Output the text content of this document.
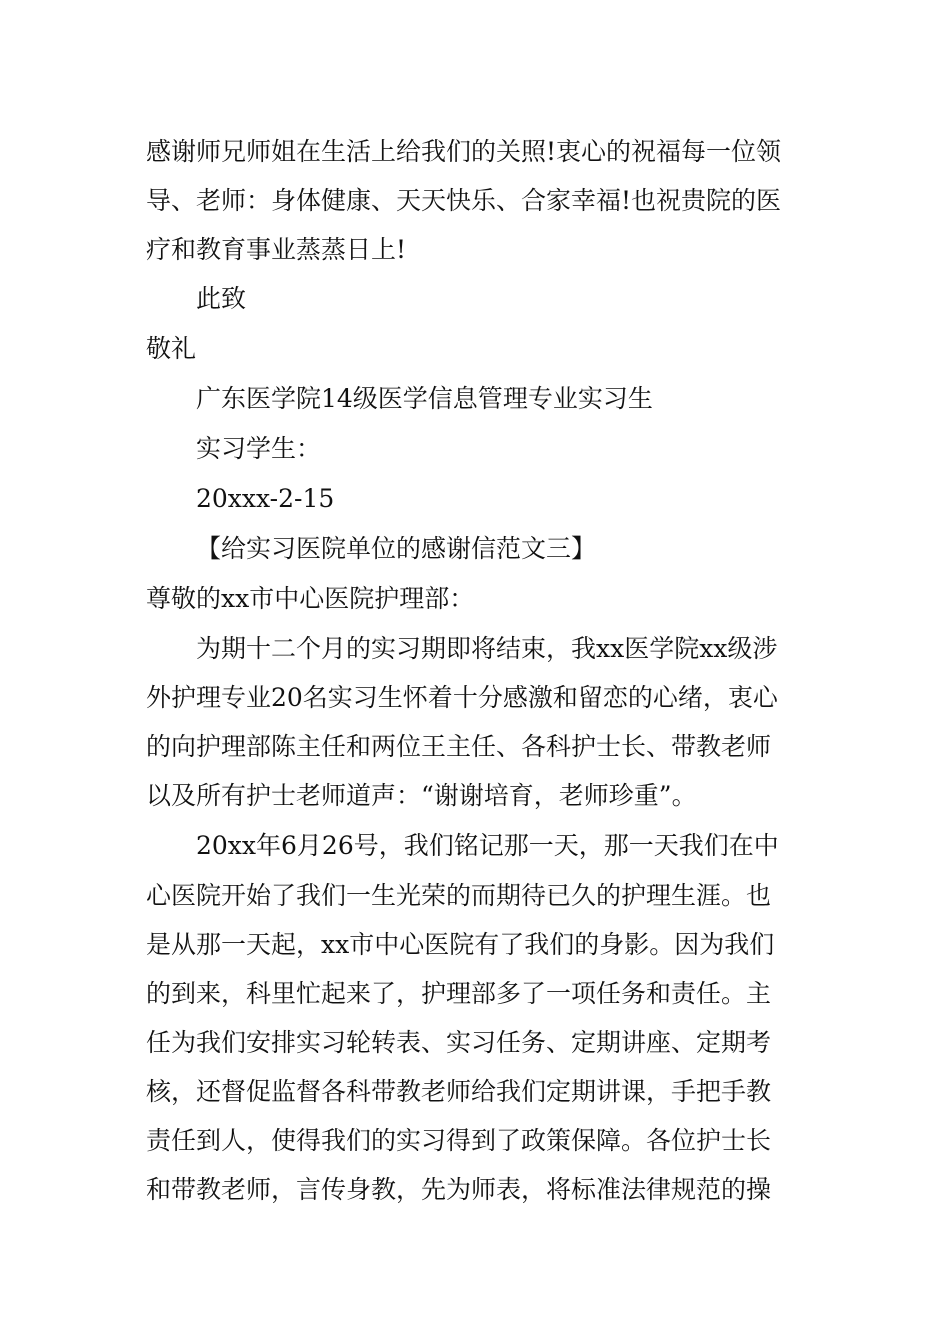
感谢师兄师姐在生活上给我们的关照!衷心的祝福每一位领
导、老师：身体健康、天天快乐、合家幸福!也祝贵院的医
疗和教育事业蒸蒸日上!
此致
敬礼
广东医学院14级医学信息管理专业实习生
实习学生：
20xxx-2-15
【给实习医院单位的感谢信范文三】
尊敬的xx市中心医院护理部：
为期十二个月的实习期即将结束，我xx医学院xx级涉
外护理专业20名实习生怀着十分感激和留恋的心绪，衷心
的向护理部陈主任和两位王主任、各科护士长、带教老师
以及所有护士老师道声：“谢谢培育，老师珍重”。
20xx年6月26号，我们铭记那一天，那一天我们在中
心医院开始了我们一生光荣的而期待已久的护理生涯。也
是从那一天起，xx市中心医院有了我们的身影。因为我们
的到来，科里忙起来了，护理部多了一项任务和责任。主
任为我们安排实习轮转表、实习任务、定期讲座、定期考
核，还督促监督各科带教老师给我们定期讲课，手把手教
责任到人，使得我们的实习得到了政策保障。各位护士长
和带教老师，言传身教，先为师表，将标准法律规范的操
